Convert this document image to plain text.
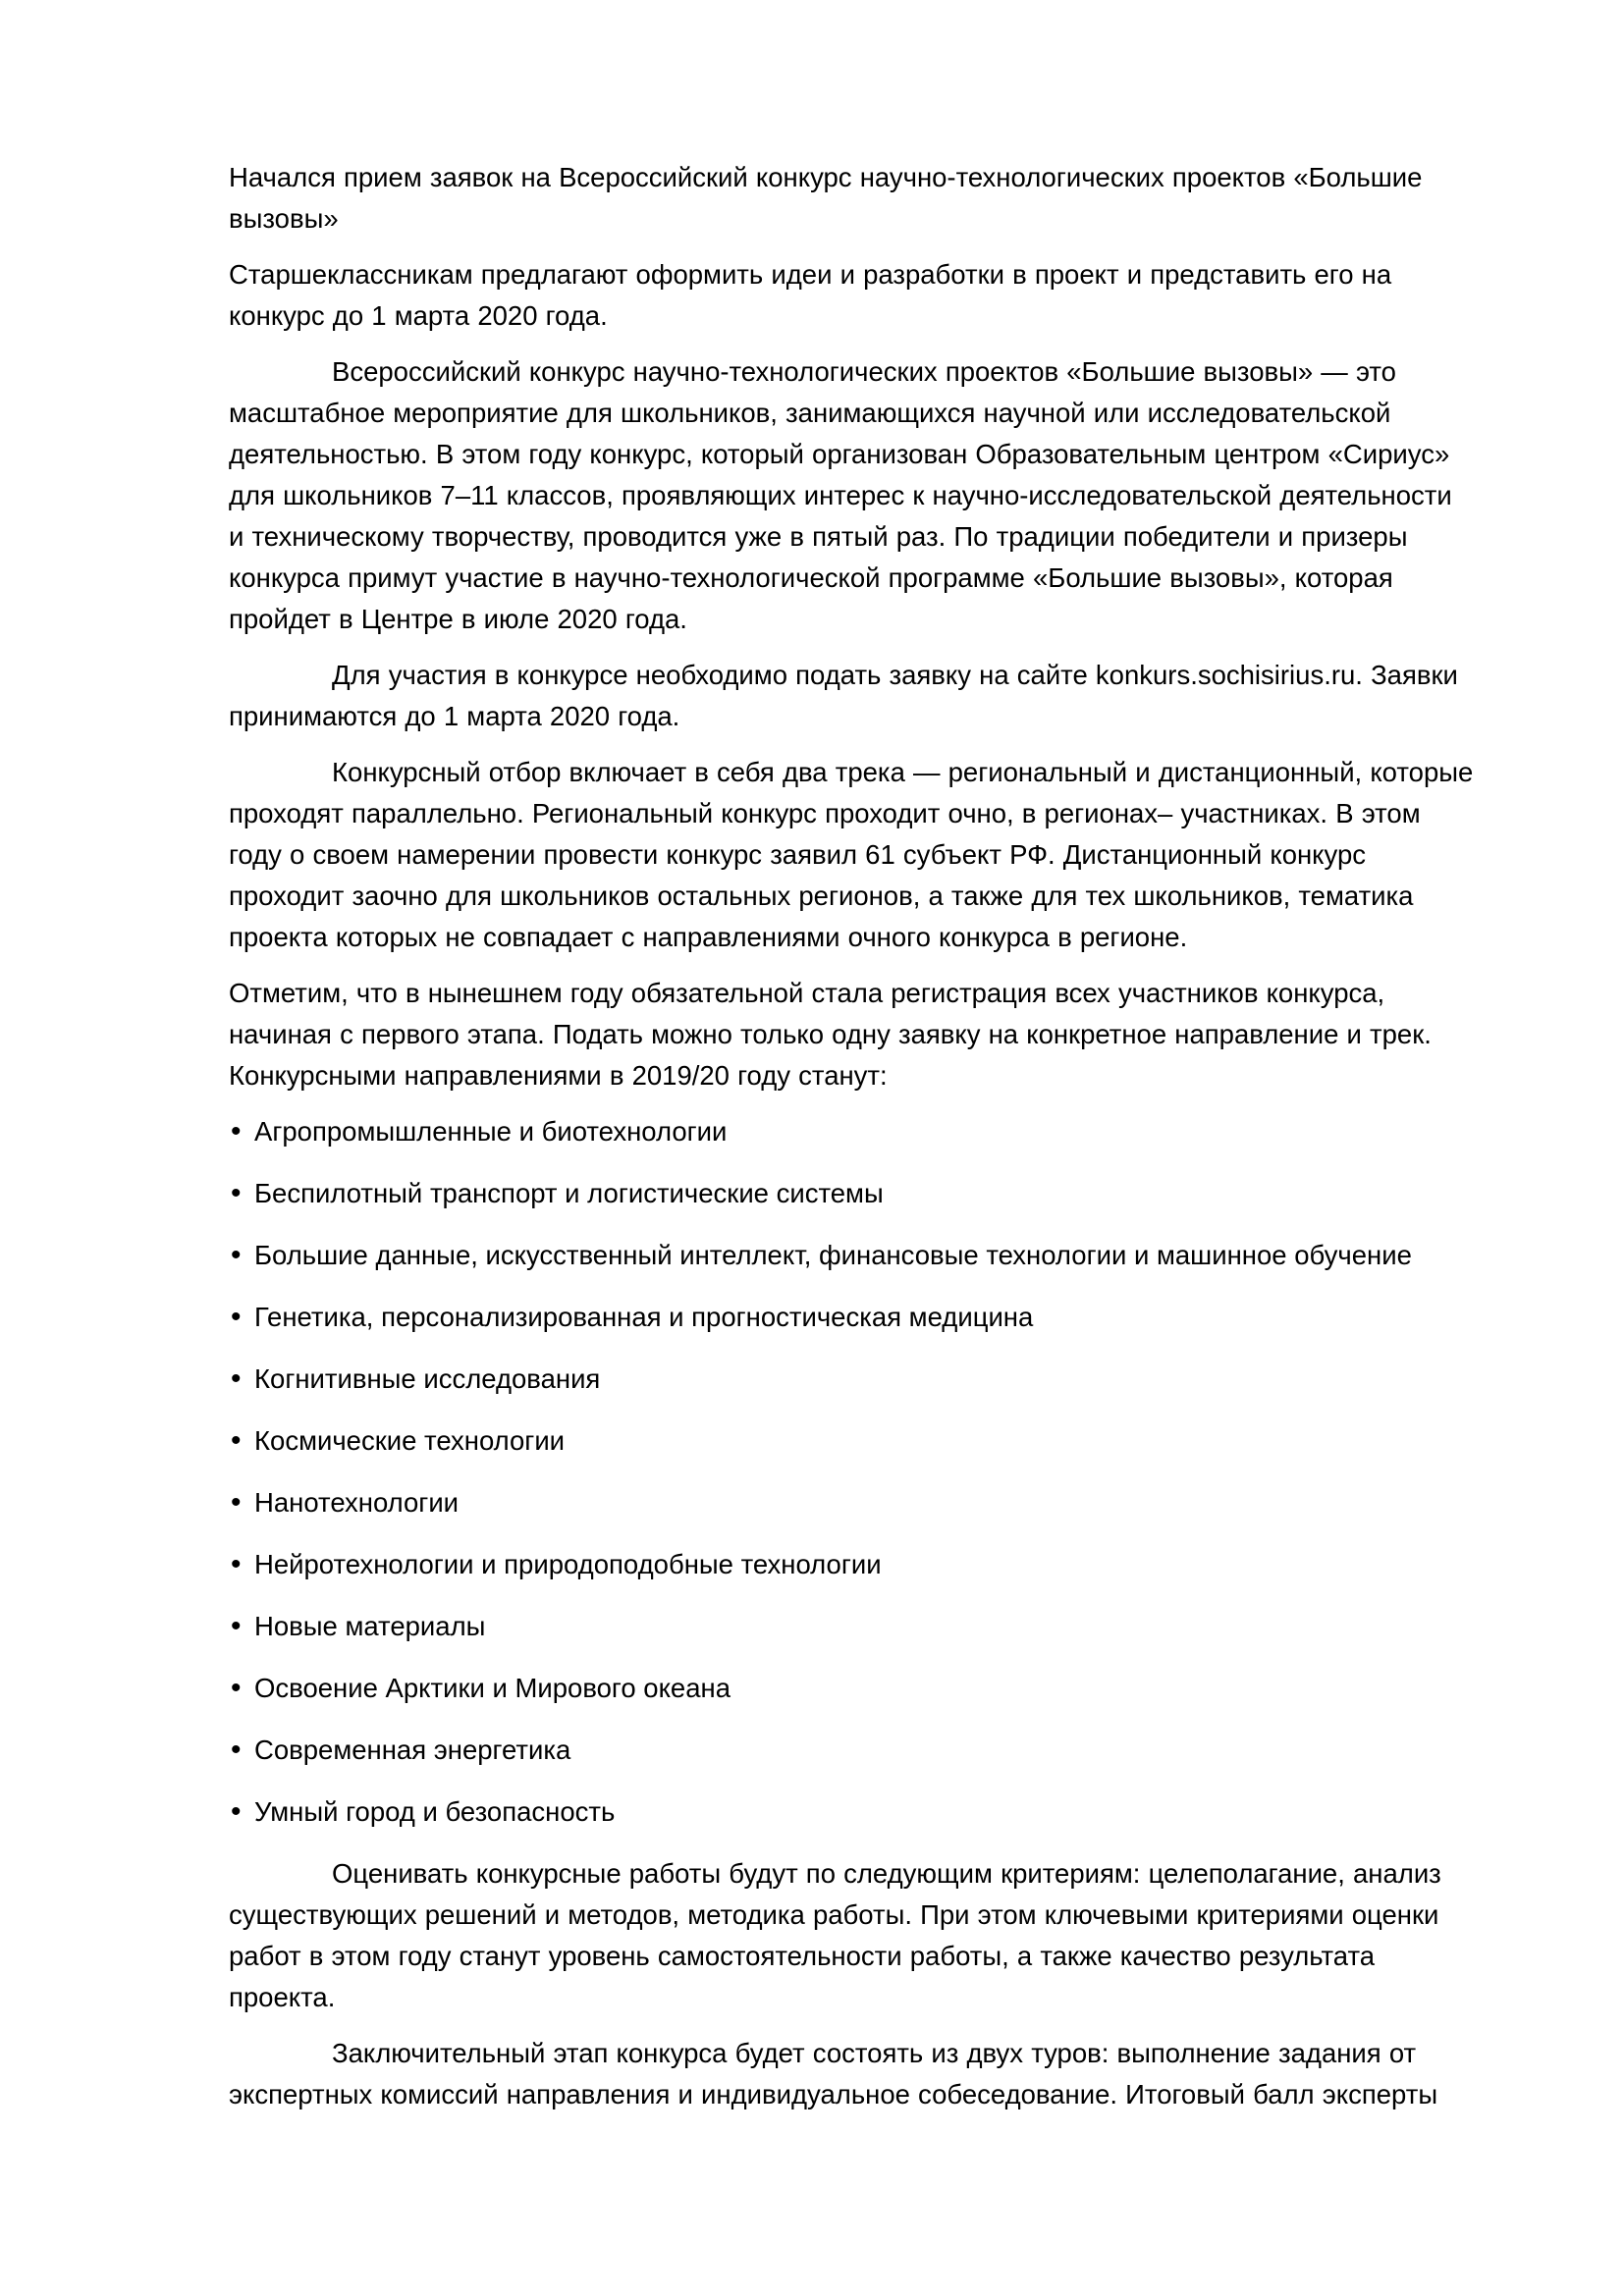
Начался прием заявок на Всероссийский конкурс научно-технологических проектов «Большие вызовы»

Старшеклассникам предлагают оформить идеи и разработки в проект и представить его на конкурс до 1 марта 2020 года.

Всероссийский конкурс научно-технологических проектов «Большие вызовы» — это масштабное мероприятие для школьников, занимающихся научной или исследовательской деятельностью. В этом году конкурс, который организован Образовательным центром «Сириус» для школьников 7–11 классов, проявляющих интерес к научно-исследовательской деятельности и техническому творчеству, проводится уже в пятый раз. По традиции победители и призеры конкурса примут участие в научно-технологической программе «Большие вызовы», которая пройдет в Центре в июле 2020 года.

Для участия в конкурсе необходимо подать заявку на сайте konkurs.sochisirius.ru. Заявки принимаются до 1 марта 2020 года.

Конкурсный отбор включает в себя два трека — региональный и дистанционный, которые проходят параллельно. Региональный конкурс проходит очно, в регионах– участниках. В этом году о своем намерении провести конкурс заявил 61 субъект РФ. Дистанционный конкурс проходит заочно для школьников остальных регионов, а также для тех школьников, тематика проекта которых не совпадает с направлениями очного конкурса в регионе.

Отметим, что в нынешнем году обязательной стала регистрация всех участников конкурса, начиная с первого этапа. Подать можно только одну заявку на конкретное направление и трек. Конкурсными направлениями в 2019/20 году станут:

• Агропромышленные и биотехнологии
• Беспилотный транспорт и логистические системы
• Большие данные, искусственный интеллект, финансовые технологии и машинное обучение
• Генетика, персонализированная и прогностическая медицина
• Когнитивные исследования
• Космические технологии
• Нанотехнологии
• Нейротехнологии и природоподобные технологии
• Новые материалы
• Освоение Арктики и Мирового океана
• Современная энергетика
• Умный город и безопасность

Оценивать конкурсные работы будут по следующим критериям: целеполагание, анализ существующих решений и методов, методика работы. При этом ключевыми критериями оценки работ в этом году станут уровень самостоятельности работы, а также качество результата проекта.

Заключительный этап конкурса будет состоять из двух туров: выполнение задания от экспертных комиссий направления и индивидуальное собеседование. Итоговый балл эксперты
